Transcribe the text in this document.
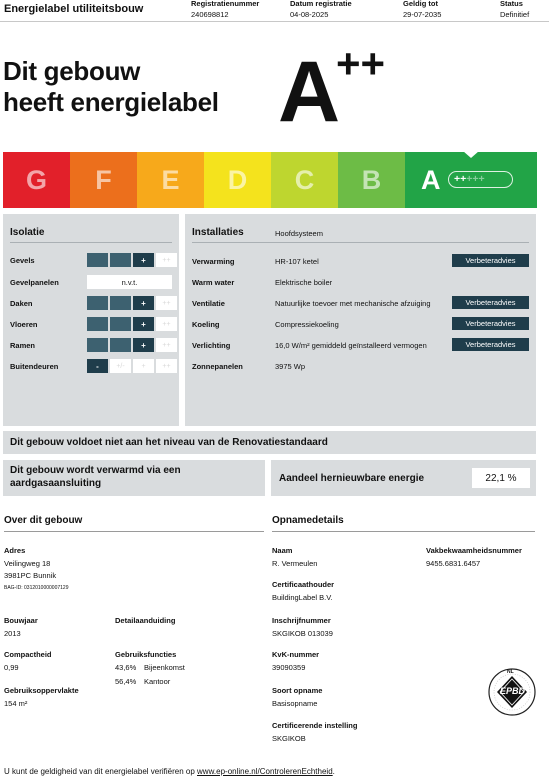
Energielabel utiliteitsbouw	Registratienummer
240698812
Datum registratie
04-08-2025
Geldig tot
29-07-2035
Status
Definitief
Dit gebouw
heeft energielabel A
++
G	F	E	D	C	B	A	+++++
Isolatie
Gevels	+	++
Gevelpanelen	n.v.t.
Daken	+	++
Vloeren	+	++
Ramen	+	++
Buitendeuren	-	+/-	+	++
Installaties	Hoofdsysteem
Verwarming	HR-107 ketel	Verbeteradvies
Warm water	Elektrische boiler
Ventilatie	Natuurlijke toevoer met mechanische afzuiging	Verbeteradvies
Koeling	Compressiekoeling	Verbeteradvies
Verlichting	16,0 W/m² gemiddeld geïnstalleerd vermogen	Verbeteradvies
Zonnepanelen	3975 Wp
Dit gebouw voldoet niet aan het niveau van de Renovatiestandaard
Dit gebouw wordt verwarmd via een
aardgasaansluiting	Aandeel hernieuwbare energie	22,1 %
Over dit gebouw
Adres
Veilingweg 18
3981PC Bunnik
BAG-ID: 0312010000007129
Bouwjaar
2013
Detailaanduiding
Compactheid
0,99
Gebruiksfuncties
43,6% Bijeenkomst
56,4% Kantoor
Gebruiksoppervlakte
154 m²
Opnamedetails
Naam
R. Vermeulen
Vakbekwaamheidsnummer
9455.6831.6457
Certificaathouder
BuildingLabel B.V.
Inschrijfnummer
SKGIKOB 013039
KvK-nummer
39090359
Soort opname
Basisopname
Certificerende instelling
SKGIKOB
EPBD
NL
U kunt de geldigheid van dit energielabel verifiëren op www.ep-online.nl/ControlerenEchtheid.
